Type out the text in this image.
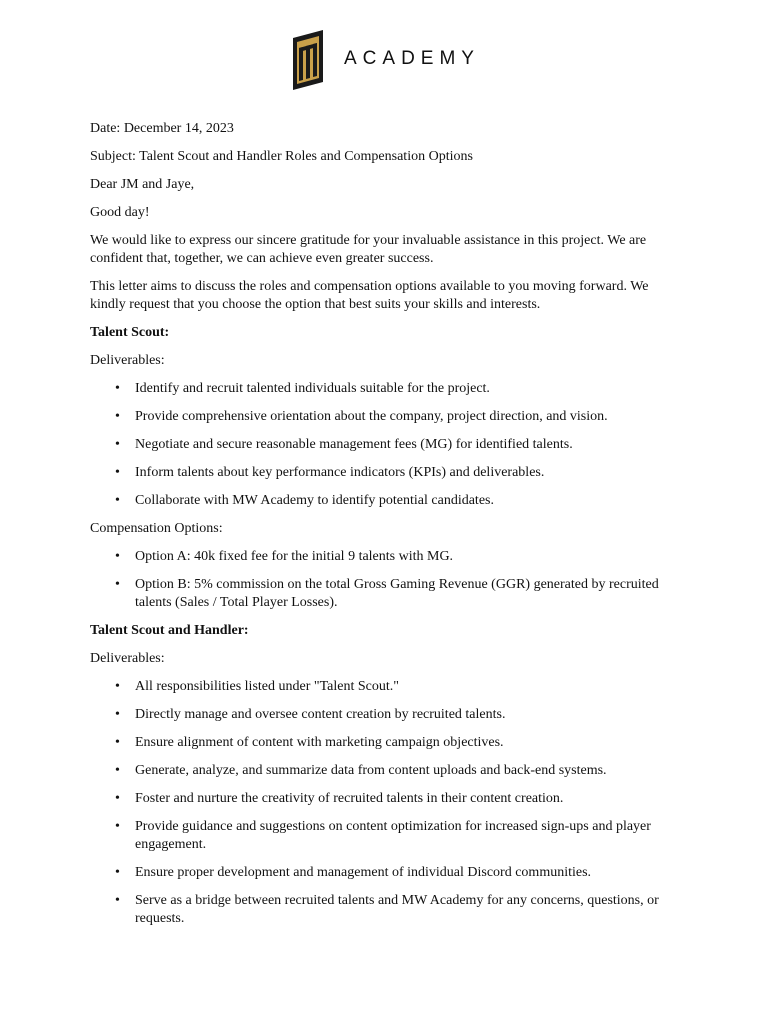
ACADEMY

Date: December 14, 2023

Subject: Talent Scout and Handler Roles and Compensation Options

Dear JM and Jaye,

Good day!

We would like to express our sincere gratitude for your invaluable assistance in this project. We are confident that, together, we can achieve even greater success.

This letter aims to discuss the roles and compensation options available to you moving forward. We kindly request that you choose the option that best suits your skills and interests.

Talent Scout:

Deliverables:

• Identify and recruit talented individuals suitable for the project.
• Provide comprehensive orientation about the company, project direction, and vision.
• Negotiate and secure reasonable management fees (MG) for identified talents.
• Inform talents about key performance indicators (KPIs) and deliverables.
• Collaborate with MW Academy to identify potential candidates.

Compensation Options:

• Option A: 40k fixed fee for the initial 9 talents with MG.
• Option B: 5% commission on the total Gross Gaming Revenue (GGR) generated by recruited talents (Sales / Total Player Losses).

Talent Scout and Handler:

Deliverables:

• All responsibilities listed under "Talent Scout."
• Directly manage and oversee content creation by recruited talents.
• Ensure alignment of content with marketing campaign objectives.
• Generate, analyze, and summarize data from content uploads and back-end systems.
• Foster and nurture the creativity of recruited talents in their content creation.
• Provide guidance and suggestions on content optimization for increased sign-ups and player engagement.
• Ensure proper development and management of individual Discord communities.
• Serve as a bridge between recruited talents and MW Academy for any concerns, questions, or requests.
